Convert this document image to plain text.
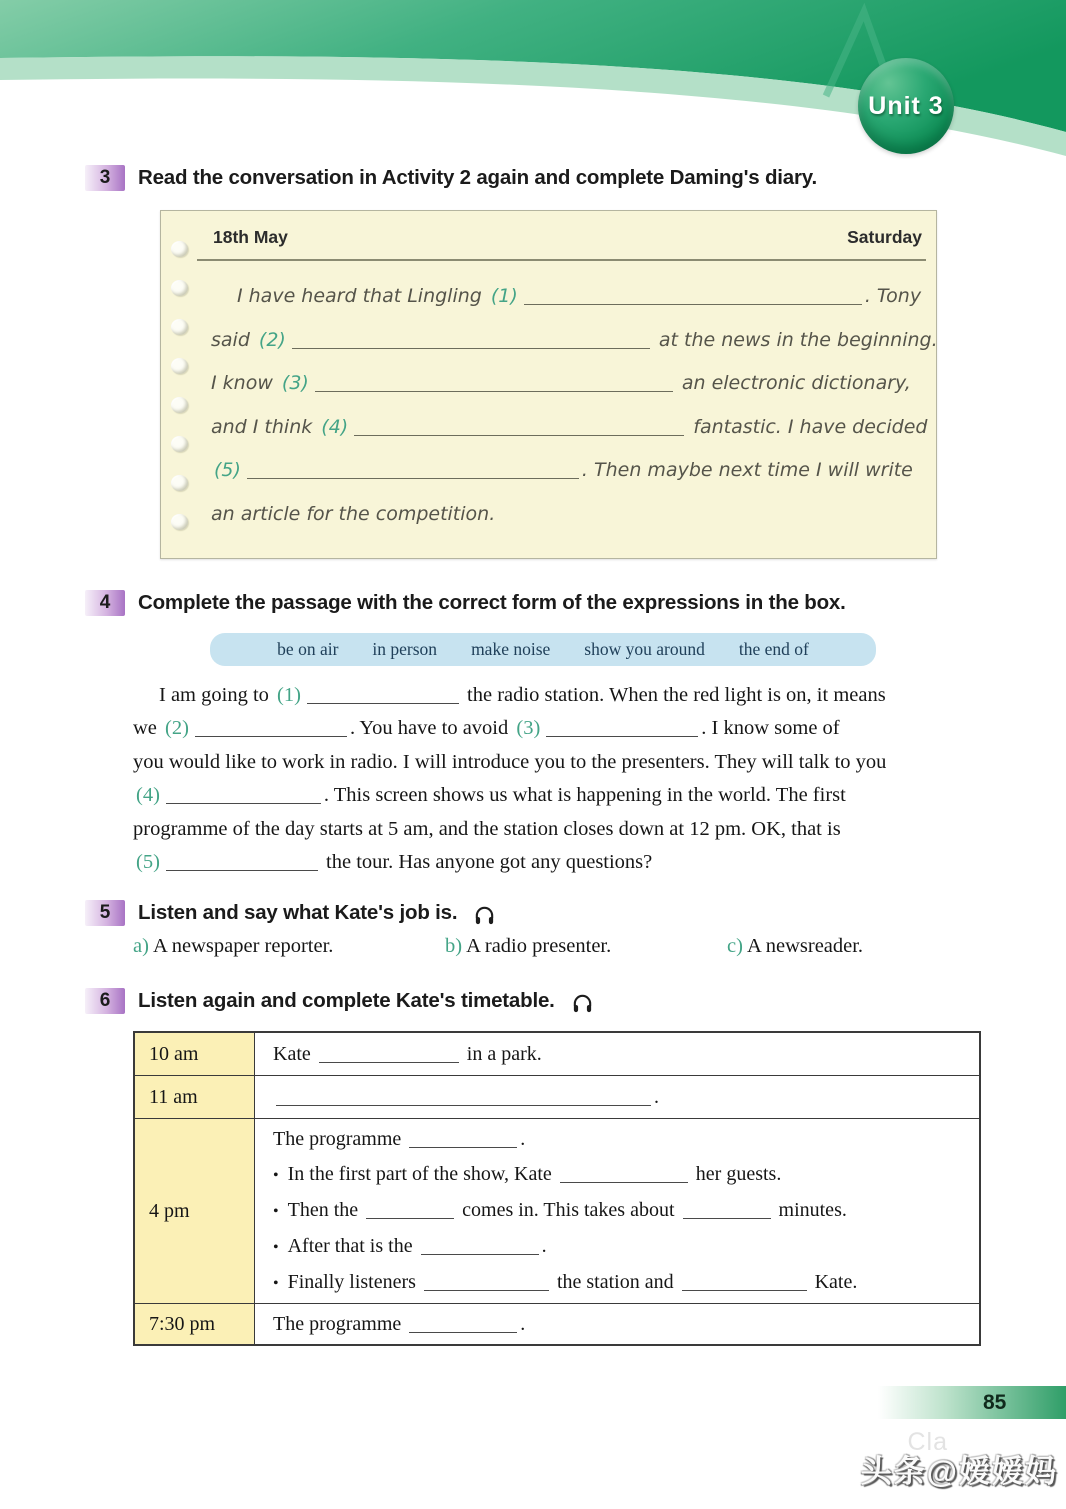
Unit 3
3	Read the conversation in Activity 2 again and complete Daming's diary.
18th May	Saturday
I have heard that Lingling (1)	. Tony
said (2)	at the news in the beginning.
I know (3)	an electronic dictionary,
and I think (4)	fantastic. I have decided
(5)	. Then maybe next time I will write
an article for the competition.
4	Complete the passage with the correct form of the expressions in the box.
be on air in person make noise show you around the end of
I am going to (1)	the radio station. When the red light is on, it means
we (2)	. You have to avoid (3)	. I know some of
you would like to work in radio. I will introduce you to the presenters. They will talk to you
(4)	. This screen shows us what is happening in the world. The first
programme of the day starts at 5 am, and the station closes down at 12 pm. OK, that is
(5)	the tour. Has anyone got any questions?
5	Listen and say what Kate's job is.
a) A newspaper reporter.	b) A radio presenter.	c) A newsreader.
6	Listen again and complete Kate's timetable.
10 am	Kate	in a park.
11 am	.
4 pm
The programme	.
• In the first part of the show, Kate	her guests.
• Then the	comes in. This takes about	minutes.
• After that is the	.
• Finally listeners	the station and	Kate.
7:30 pm	The programme	.
85
Cla
头条@嫒嫒妈
